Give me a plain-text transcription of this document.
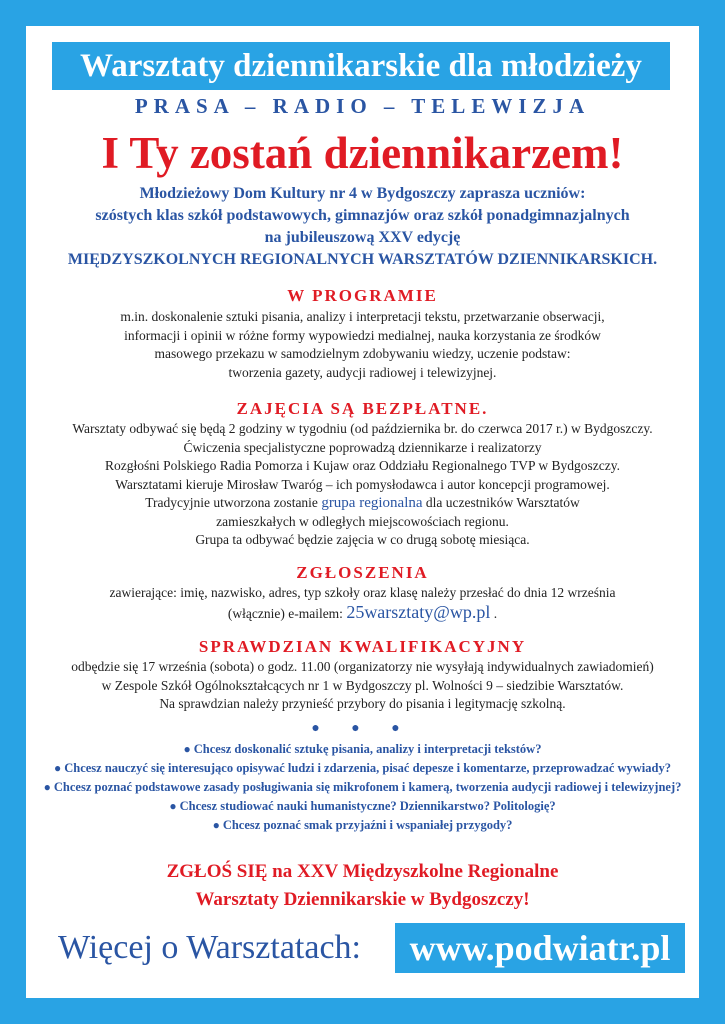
Warsztaty dziennikarskie dla młodzieży
PRASA – RADIO – TELEWIZJA
I Ty zostań dziennikarzem!

Młodzieżowy Dom Kultury nr 4 w Bydgoszczy zaprasza uczniów:

szóstych klas szkół podstawowych, gimnazjów oraz szkół ponadgimnazjalnych

na jubileuszową XXV edycję

MIĘDZYSZKOLNYCH REGIONALNYCH WARSZTATÓW DZIENNIKARSKICH.

W PROGRAMIE

m.in. doskonalenie sztuki pisania, analizy i interpretacji tekstu, przetwarzanie obserwacji,

informacji i opinii w różne formy wypowiedzi medialnej, nauka korzystania ze środków

masowego przekazu w samodzielnym zdobywaniu wiedzy, uczenie podstaw:

tworzenia gazety, audycji radiowej i telewizyjnej.

ZAJĘCIA SĄ BEZPŁATNE.

Warsztaty odbywać się będą 2 godziny w tygodniu (od października br. do czerwca 2017 r.) w Bydgoszczy.

Ćwiczenia specjalistyczne poprowadzą dziennikarze i realizatorzy

Rozgłośni Polskiego Radia Pomorza i Kujaw oraz Oddziału Regionalnego TVP w Bydgoszczy.

Warsztatami kieruje Mirosław Twaróg – ich pomysłodawca i autor koncepcji programowej.

Tradycyjnie utworzona zostanie grupa regionalna dla uczestników Warsztatów

zamieszkałych w odległych miejscowościach regionu.

Grupa ta odbywać będzie zajęcia w co drugą sobotę miesiąca.

ZGŁOSZENIA

zawierające: imię, nazwisko, adres, typ szkoły oraz klasę należy przesłać do dnia 12 września

(włącznie) e-mailem: 25warsztaty@wp.pl .

SPRAWDZIAN KWALIFIKACYJNY

odbędzie się 17 września (sobota) o godz. 11.00 (organizatorzy nie wysyłają indywidualnych zawiadomień)

w Zespole Szkół Ogólnokształcących nr 1 w Bydgoszczy pl. Wolności 9 – siedzibie Warsztatów.

Na sprawdzian należy przynieść przybory do pisania i legitymację szkolną.

● ● ●

● Chcesz doskonalić sztukę pisania, analizy i interpretacji tekstów?

● Chcesz nauczyć się interesująco opisywać ludzi i zdarzenia, pisać depesze i komentarze, przeprowadzać wywiady?

● Chcesz poznać podstawowe zasady posługiwania się mikrofonem i kamerą, tworzenia audycji radiowej i telewizyjnej?

● Chcesz studiować nauki humanistyczne? Dziennikarstwo? Politologię?

● Chcesz poznać smak przyjaźni i wspaniałej przygody?

ZGŁOŚ SIĘ na XXV Międzyszkolne Regionalne

Warsztaty Dziennikarskie w Bydgoszczy!

Więcej o Warsztatach:	www.podwiatr.pl
